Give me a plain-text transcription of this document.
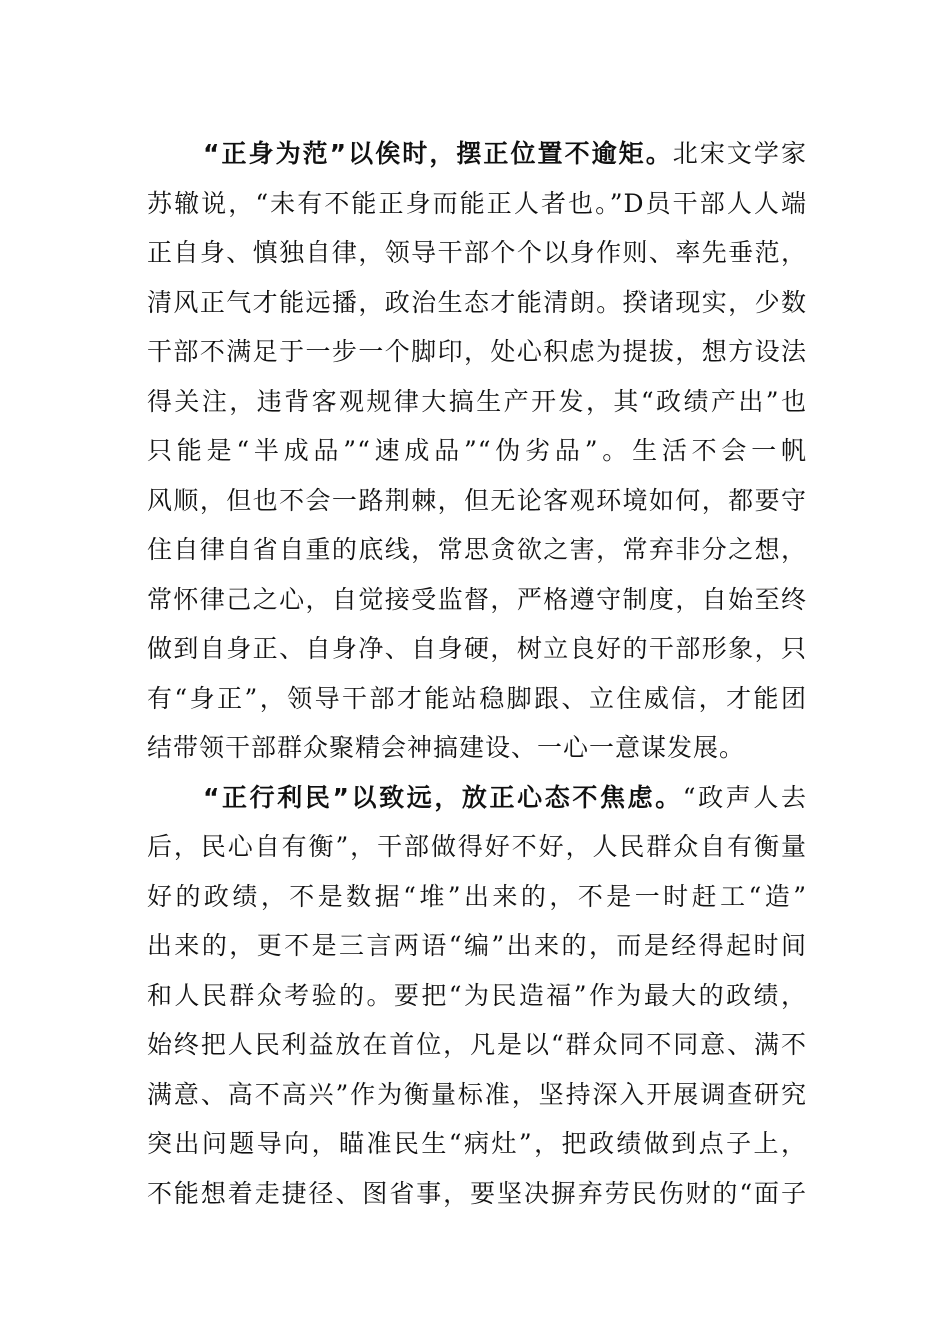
“正身为范”以俟时，摆正位置不逾矩。北宋文学家
苏辙说，“未有不能正身而能正人者也。”D员干部人人端
正自身、慎独自律，领导干部个个以身作则、率先垂范，
清风正气才能远播，政治生态才能清朗。揆诸现实，少数
干部不满足于一步一个脚印，处心积虑为提拔，想方设法
得关注，违背客观规律大搞生产开发，其“政绩产出”也
只能是“半成品”“速成品”“伪劣品”。生活不会一帆
风顺，但也不会一路荆棘，但无论客观环境如何，都要守
住自律自省自重的底线，常思贪欲之害，常弃非分之想，
常怀律己之心，自觉接受监督，严格遵守制度，自始至终
做到自身正、自身净、自身硬，树立良好的干部形象，只
有“身正”，领导干部才能站稳脚跟、立住威信，才能团
结带领干部群众聚精会神搞建设、一心一意谋发展。
“正行利民”以致远，放正心态不焦虑。“政声人去
后，民心自有衡”，干部做得好不好，人民群众自有衡量
好的政绩，不是数据“堆”出来的，不是一时赶工“造”
出来的，更不是三言两语“编”出来的，而是经得起时间
和人民群众考验的。要把“为民造福”作为最大的政绩，
始终把人民利益放在首位，凡是以“群众同不同意、满不
满意、高不高兴”作为衡量标准，坚持深入开展调查研究
突出问题导向，瞄准民生“病灶”，把政绩做到点子上，
不能想着走捷径、图省事，要坚决摒弃劳民伤财的“面子
